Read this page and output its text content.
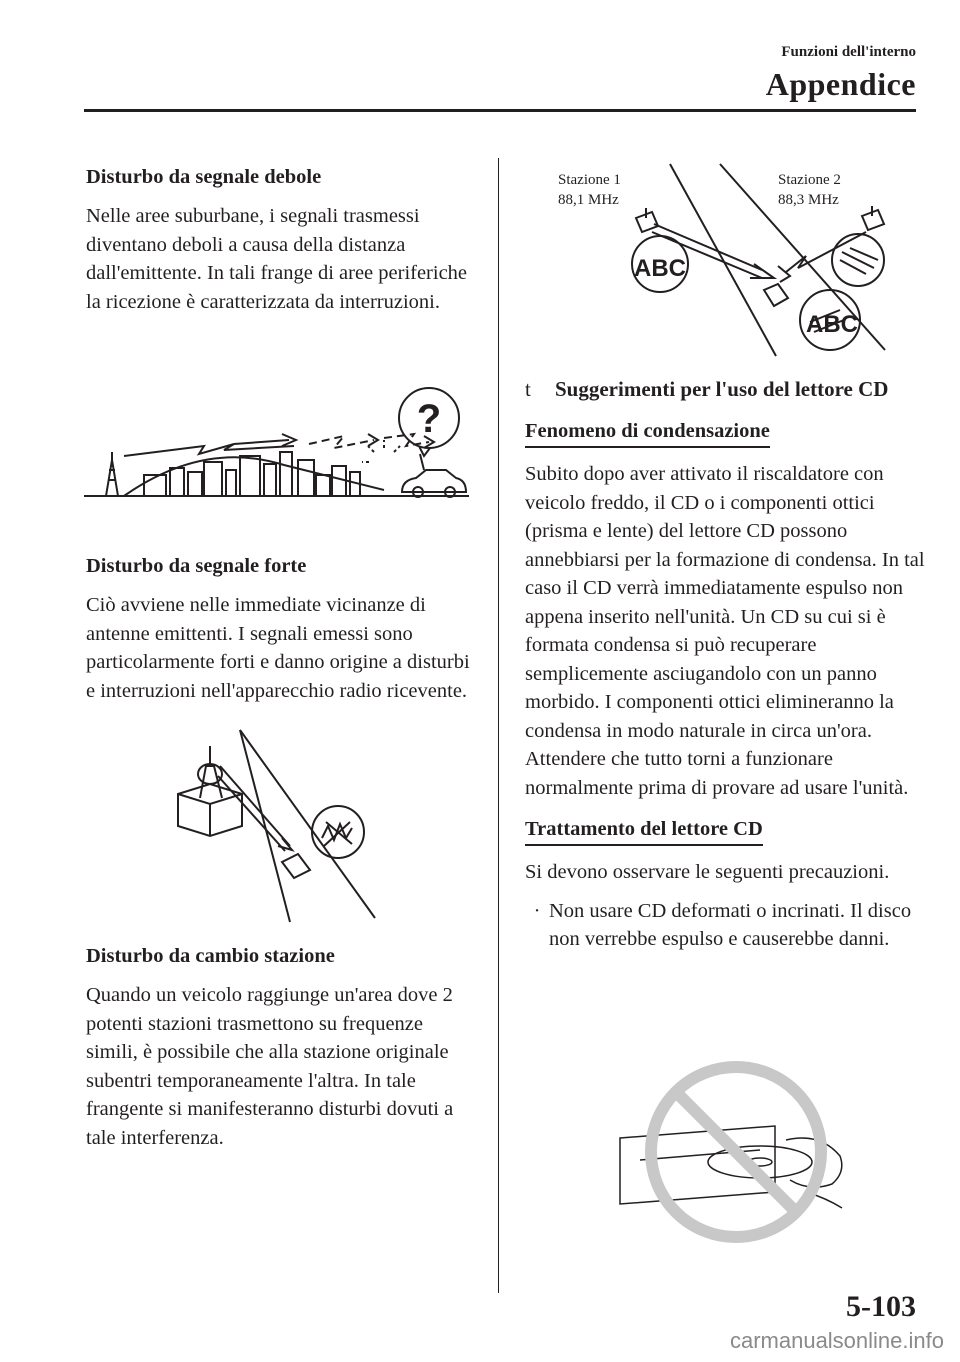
Funzioni dell'interno
Appendice
Disturbo da segnale debole

Nelle aree suburbane, i segnali trasmessi diventano deboli a causa della distanza dall'emittente. In tali frange di aree periferiche la ricezione è caratterizzata da interruzioni.

?
Disturbo da segnale forte

Ciò avviene nelle immediate vicinanze di antenne emittenti. I segnali emessi sono particolarmente forti e danno origine a disturbi e interruzioni nell'apparecchio radio ricevente.

Disturbo da cambio stazione

Quando un veicolo raggiunge un'area dove 2 potenti stazioni trasmettono su frequenze simili, è possibile che alla stazione originale subentri temporaneamente l'altra. In tale frangente si manifesteranno disturbi dovuti a tale interferenza.

Stazione 1
88,1 MHz
Stazione 2
88,3 MHz
ABC
ABC
t	Suggerimenti per l'uso del lettore CD
Fenomeno di condensazione

Subito dopo aver attivato il riscaldatore con veicolo freddo, il CD o i componenti ottici (prisma e lente) del lettore CD possono annebbiarsi per la formazione di condensa. In tal caso il CD verrà immediatamente espulso non appena inserito nell'unità. Un CD su cui si è formata condensa si può recuperare semplicemente asciugandolo con un panno morbido. I componenti ottici elimineranno la condensa in modo naturale in circa un'ora. Attendere che tutto torni a funzionare normalmente prima di provare ad usare l'unità.

Trattamento del lettore CD

Si devono osservare le seguenti precauzioni.

· Non usare CD deformati o incrinati. Il disco non verrebbe espulso e causerebbe danni.
5-103
carmanualsonline.info
